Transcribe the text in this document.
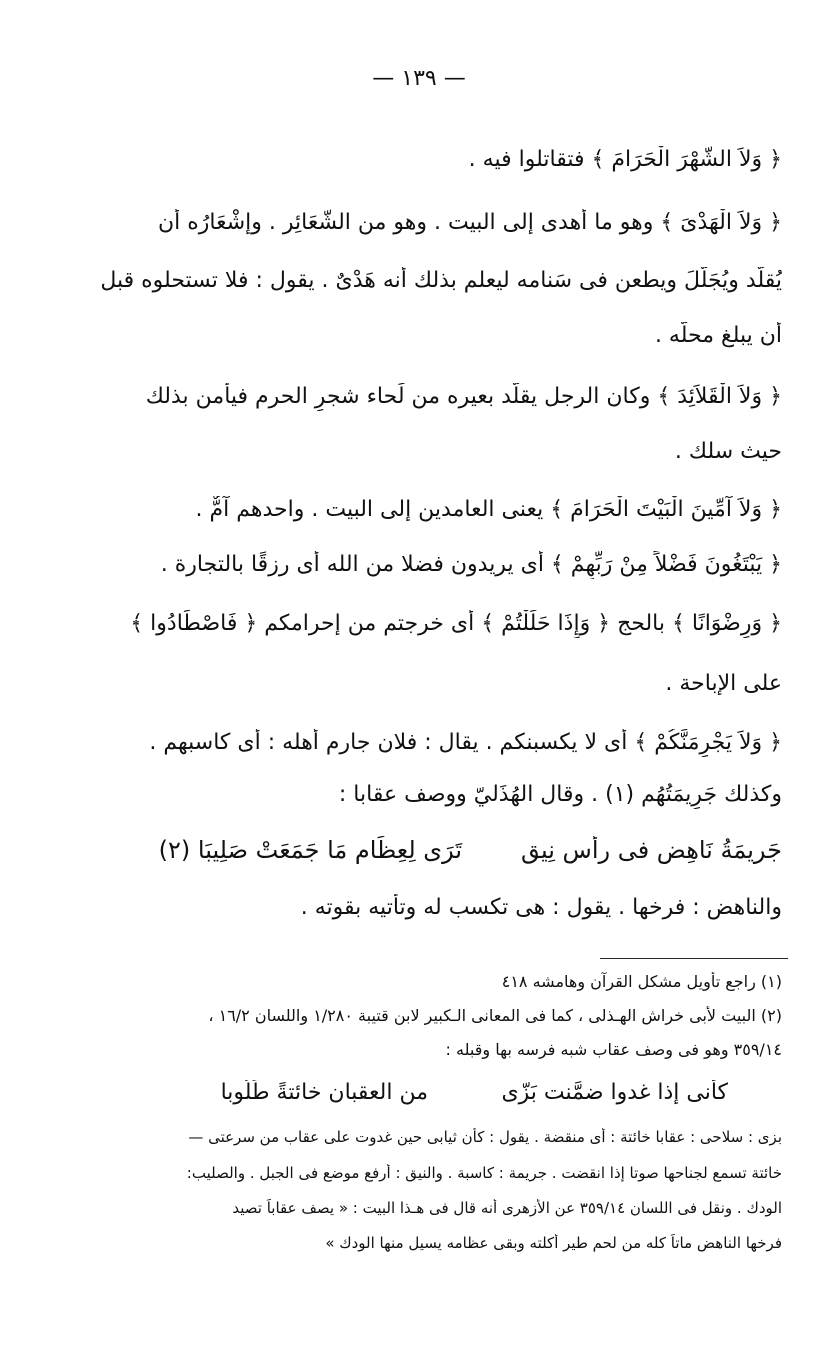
— ١٣٩ —
﴿ وَلاَ الشَّهْرَ الْحَرَامَ ﴾ فتقاتلوا فيه .
﴿ وَلاَ الْهَدْىَ ﴾ وهو ما أهدى إلى البيت . وهو من الشَّعَائِر . وإشْعَارُه أن
يُقلَّد ويُجَلَّلَ ويطعن فى سَنامه ليعلم بذلك أنه هَدْىٌ . يقول : فلا تستحلوه قبل
أن يبلغ محلّه .
﴿ وَلاَ الْقَلاَئِدَ ﴾ وكان الرجل يقلّد بعيره من لَحاء شجرِ الحرم فيأمن بذلك
حيث سلك .
﴿ وَلاَ آمِّينَ الْبَيْتَ الْحَرَامَ ﴾ يعنى العامدين إلى البيت . واحدهم آمٌّ .
﴿ يَبْتَغُونَ فَضْلاً مِنْ رَبِّهِمْ ﴾ أى يريدون فضلا من الله أى رزقًا بالتجارة .
﴿ وَرِضْوَانًا ﴾ بالحج ﴿ وَإِذَا حَلَلْتُمْ ﴾ أى خرجتم من إحرامكم ﴿ فَاصْطَادُوا ﴾
على الإباحة .
﴿ وَلاَ يَجْرِمَنَّكُمْ ﴾ أى لا يكسبنكم . يقال : فلان جارم أهله : أى كاسبهم .
وكذلك جَرِيمَتُهُم (١) . وقال الهُذَليّ ووصف عقابا :
جَرِيمَةُ نَاهِضٍ فى رأْسِ نِيقٍتَرَى لِعِظَامِ مَا جَمَعَتْ صَلِيبَا (٢)
والناهض : فرخها . يقول : هى تكسب له وتأتيه بقوته .
(١) راجع تأويل مشكل القرآن وهامشه ٤١٨
(٢) البيت لأبى خراش الهـذلى ، كما فى المعانى الـكبير لابن قتيبة ١/٢٨٠ واللسان ١٦/٢ ،
٣٥٩/١٤ وهو فى وصف عقاب شبه فرسه بها وقبله :
كأنى إذا غدوا ضمَّنت بَزّىمن العقبان خائتةً طَلُوبا
بزى : سلاحى : عقابا خائتة : أى منقضة . يقول : كأن ثيابى حين غدوت على عقاب من سرعتى —
خائتة تسمع لجناحها صوتا إذا انقضت . جريمة : كاسبة . والنيق : أرفع موضع فى الجبل . والصليب:
الودك . ونقل فى اللسان ٣٥٩/١٤ عن الأزهرى أنه قال فى هـذا البيت : « يصف عقاباً تصيد
فرخها الناهض ماتاً كله من لحم طير أكلته وبقى عظامه يسيل منها الودك »
